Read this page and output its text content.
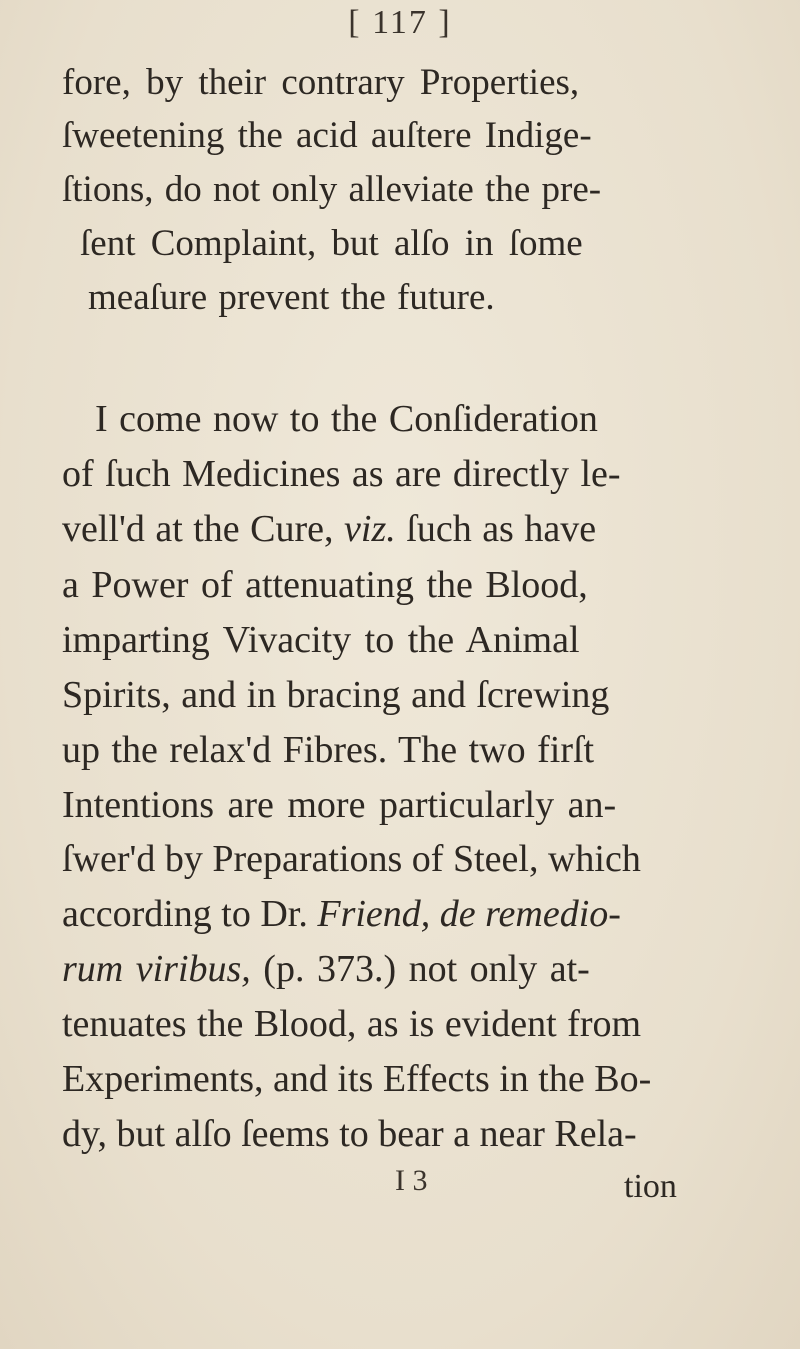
[ 117 ]
fore, by their contrary Properties,
ſweetening the acid auſtere Indige-
ſtions, do not only alleviate the pre-
ſent Complaint, but alſo in ſome
meaſure prevent the future.
I come now to the Conſideration
of ſuch Medicines as are directly le-
vell'd at the Cure, viz. ſuch as have
a Power of attenuating the Blood,
imparting Vivacity to the Animal
Spirits, and in bracing and ſcrewing
up the relax'd Fibres. The two firſt
Intentions are more particularly an-
ſwer'd by Preparations of Steel, which
according to Dr. Friend, de remedio-
rum viribus, (p. 373.) not only at-
tenuates the Blood, as is evident from
Experiments, and its Effects in the Bo-
dy, but alſo ſeems to bear a near Rela-
I 3	tion
